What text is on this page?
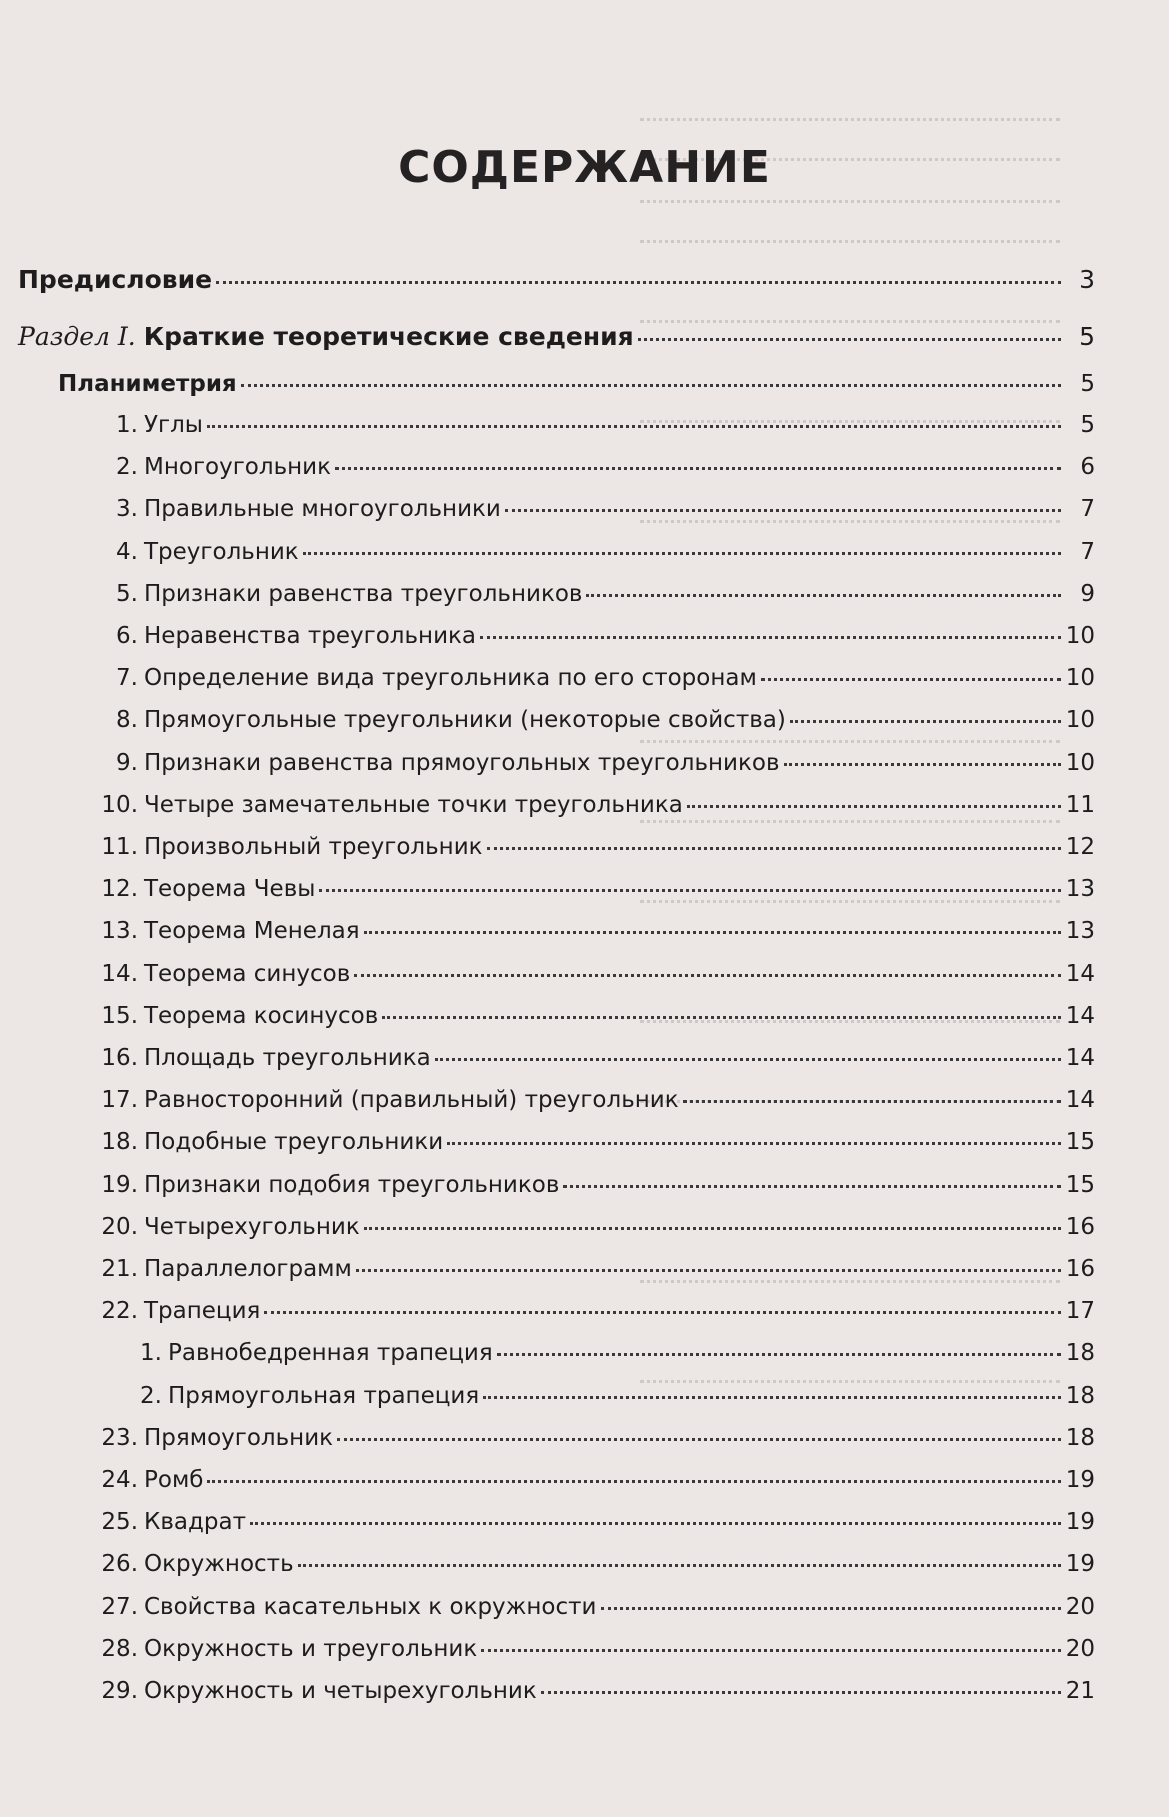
СОДЕРЖАНИЕ
Предисловие	3
Раздел I. Краткие теоретические сведения	5
Планиметрия	5
1. Углы	5
2. Многоугольник	6
3. Правильные многоугольники	7
4. Треугольник	7
5. Признаки равенства треугольников	9
6. Неравенства треугольника	10
7. Определение вида треугольника по его сторонам	10
8. Прямоугольные треугольники (некоторые свойства)	10
9. Признаки равенства прямоугольных треугольников	10
10. Четыре замечательные точки треугольника	11
11. Произвольный треугольник	12
12. Теорема Чевы	13
13. Теорема Менелая	13
14. Теорема синусов	14
15. Теорема косинусов	14
16. Площадь треугольника	14
17. Равносторонний (правильный) треугольник	14
18. Подобные треугольники	15
19. Признаки подобия треугольников	15
20. Четырехугольник	16
21. Параллелограмм	16
22. Трапеция	17
1. Равнобедренная трапеция	18
2. Прямоугольная трапеция	18
23. Прямоугольник	18
24. Ромб	19
25. Квадрат	19
26. Окружность	19
27. Свойства касательных к окружности	20
28. Окружность и треугольник	20
29. Окружность и четырехугольник	21
